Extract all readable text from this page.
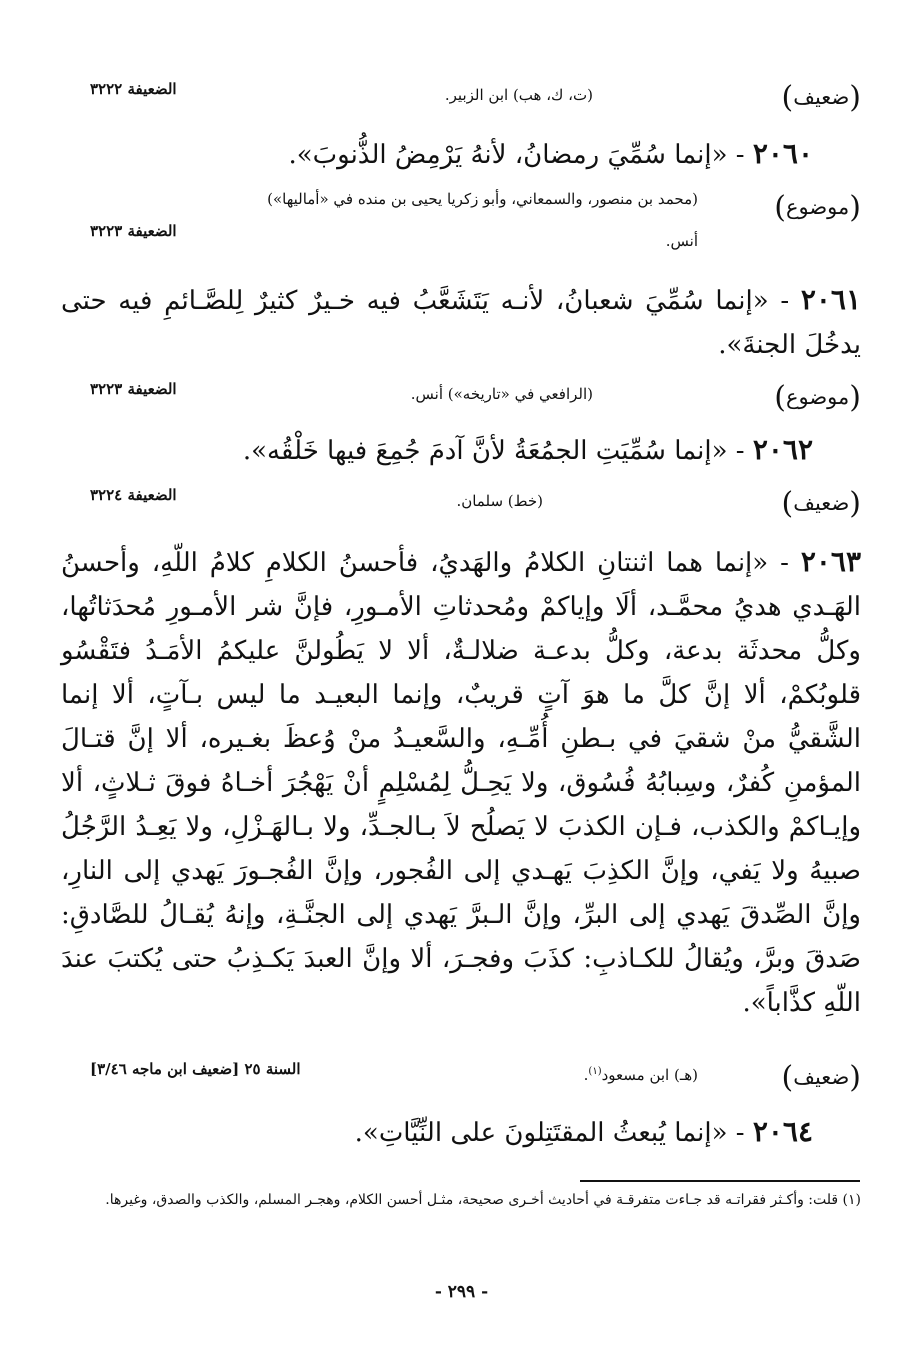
(ضعيف)
(ت، ك، هب) ابن الزبير.
الضعيفة ٣٢٢٢
٢٠٦٠ - «إنما سُمِّيَ رمضانُ، لأنهُ يَرْمِضُ الذُّنوبَ».
(موضوع)
(محمد بن منصور، والسمعاني، وأبو زكريا يحيى بن منده في «أماليها»)
أنس.
الضعيفة ٣٢٢٣
٢٠٦١ - «إنما سُمِّيَ شعبانُ، لأنـه يَتَشَعَّبُ فيه خـيرٌ كثيرٌ لِلصَّـائمِ فيه حتى يدخُلَ الجنةَ».
(موضوع)
(الرافعي في «تاريخه») أنس.
الضعيفة ٣٢٢٣
٢٠٦٢ - «إنما سُمِّيَتِ الجمُعَةُ لأنَّ آدمَ جُمِعَ فيها خَلْقُه».
(ضعيف)
(خط) سلمان.
الضعيفة ٣٢٢٤
٢٠٦٣ - «إنما هما اثنتانِ الكلامُ والهَديُ، فأحسنُ الكلامِ كلامُ اللّهِ، وأحسنُ الهَـدي هديُ محمَّـد، ألَا وإياكمْ ومُحدثاتِ الأمـورِ، فإنَّ شر الأمـورِ مُحدَثاتُها، وكلُّ محدثَة بدعة، وكلُّ بدعـة ضلالـةٌ، ألا لا يَطُولنَّ عليكمُ الأمَـدُ فتَقْسُو قلوبُكمْ، ألا إنَّ كلَّ ما هوَ آتٍ قريبٌ، وإنما البعيـد ما ليس بـآتٍ، ألا إنما الشَّقيُّ منْ شقيَ في بـطنِ أُمِّـهِ، والسَّعيـدُ منْ وُعظَ بغـيره، ألا إنَّ قتـالَ المؤمنِ كُفرٌ، وسِبابُهُ فُسُوق، ولا يَحِـلُّ لِمُسْلِمٍ أنْ يَهْجُرَ أخـاهُ فوقَ ثـلاثٍ، ألا وإيـاكمْ والكذب، فـإن الكذبَ لا يَصلُح لاَ بـالجـدِّ، ولا بـالهَـزْلِ، ولا يَعِـدُ الرَّجُلُ صبيهُ ولا يَفي، وإنَّ الكذِبَ يَهـدي إلى الفُجور، وإنَّ الفُجـورَ يَهدي إلى النارِ، وإنَّ الصِّدقَ يَهدي إلى البرِّ، وإنَّ الـبرَّ يَهدي إلى الجنَّـةِ، وإنهُ يُقـالُ للصَّادقِ: صَدقَ وبرَّ، ويُقالُ للكـاذبِ: كذَبَ وفجـرَ، ألا وإنَّ العبدَ يَكـذِبُ حتى يُكتبَ عندَ اللّهِ كذَّاباً».
(ضعيف)
(هـ) ابن مسعود$^{(١)}$.
السنة ٢٥ [ضعيف ابن ماجه ٣/٤٦]
٢٠٦٤ - «إنما يُبعثُ المقتَتِلونَ على النِّيَّاتِ».
(١) قلت: وأكـثر فقراتـه قد جـاءت متفرقـة في أحاديث أخـرى صحيحة، مثـل أحسن الكلام، وهجـر المسلم، والكذب والصدق، وغيرها.
- ٢٩٩ -
